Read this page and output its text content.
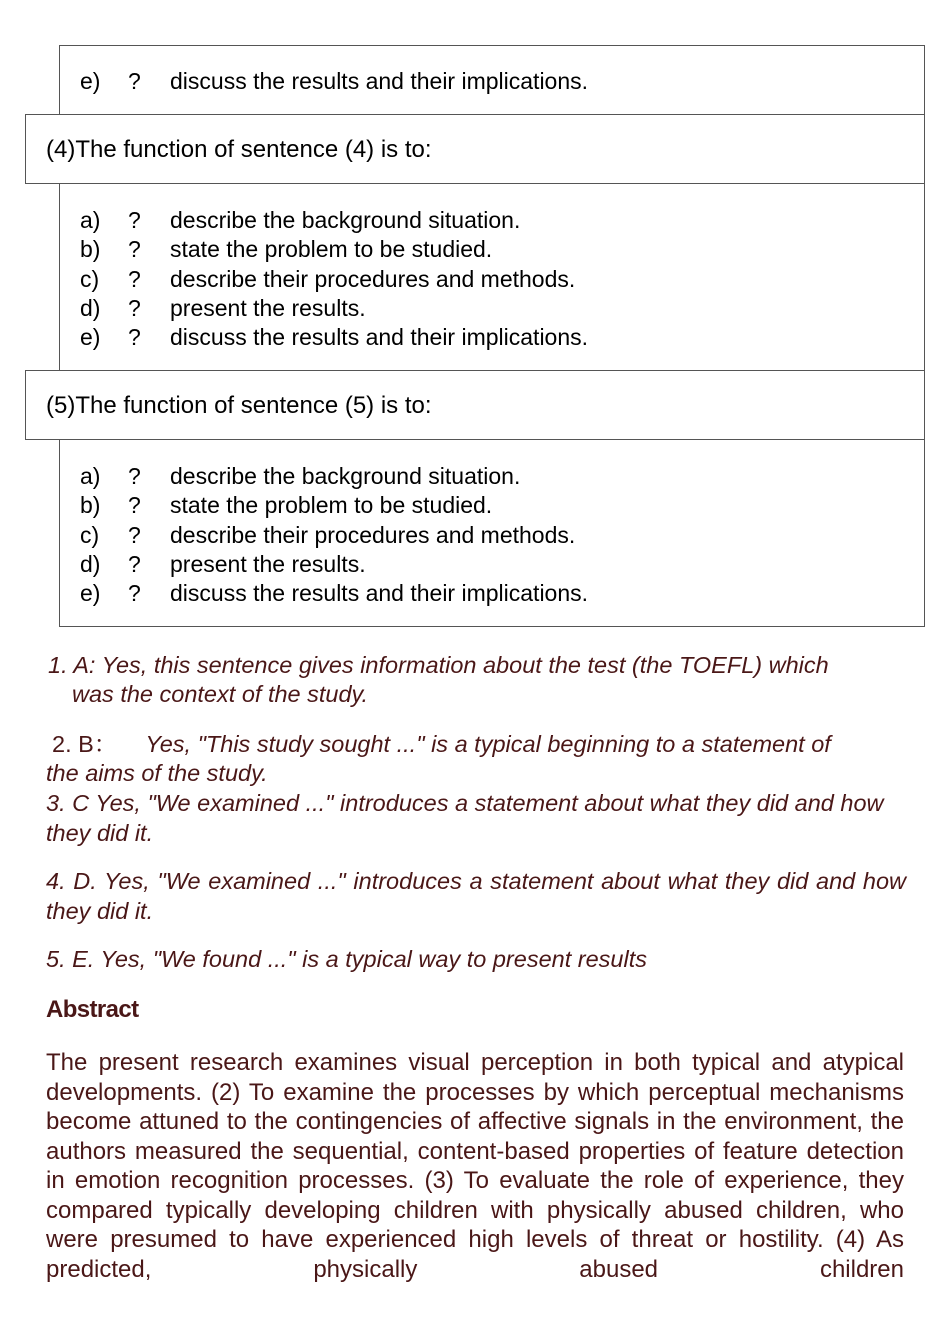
e) ? discuss the results and their implications.
(4)The function of sentence (4) is to:
a) ? describe the background situation.
b) ? state the problem to be studied.
c) ? describe their procedures and methods.
d) ? present the results.
e) ? discuss the results and their implications.
(5)The function of sentence (5) is to:
a) ? describe the background situation.
b) ? state the problem to be studied.
c) ? describe their procedures and methods.
d) ? present the results.
e) ? discuss the results and their implications.
1. A: Yes, this sentence gives information about the test (the TOEFL) which
was the context of the study.
2. B： Yes, "This study sought ..." is a typical beginning to a statement of
the aims of the study.
3. C Yes, "We examined ..." introduces a statement about what they did and how they did it.
4. D. Yes, "We examined ..." introduces a statement about what they did and how they did it.
5. E. Yes, "We found ..." is a typical way to present results
Abstract
The present research examines visual perception in both typical and atypical developments. (2) To examine the processes by which perceptual mechanisms become attuned to the contingencies of affective signals in the environment, the authors measured the sequential, content-based properties of feature detection in emotion recognition processes. (3) To evaluate the role of experience, they compared typically developing children with physically abused children, who were presumed to have experienced high levels of threat or hostility. (4) As predicted, physically abused children
